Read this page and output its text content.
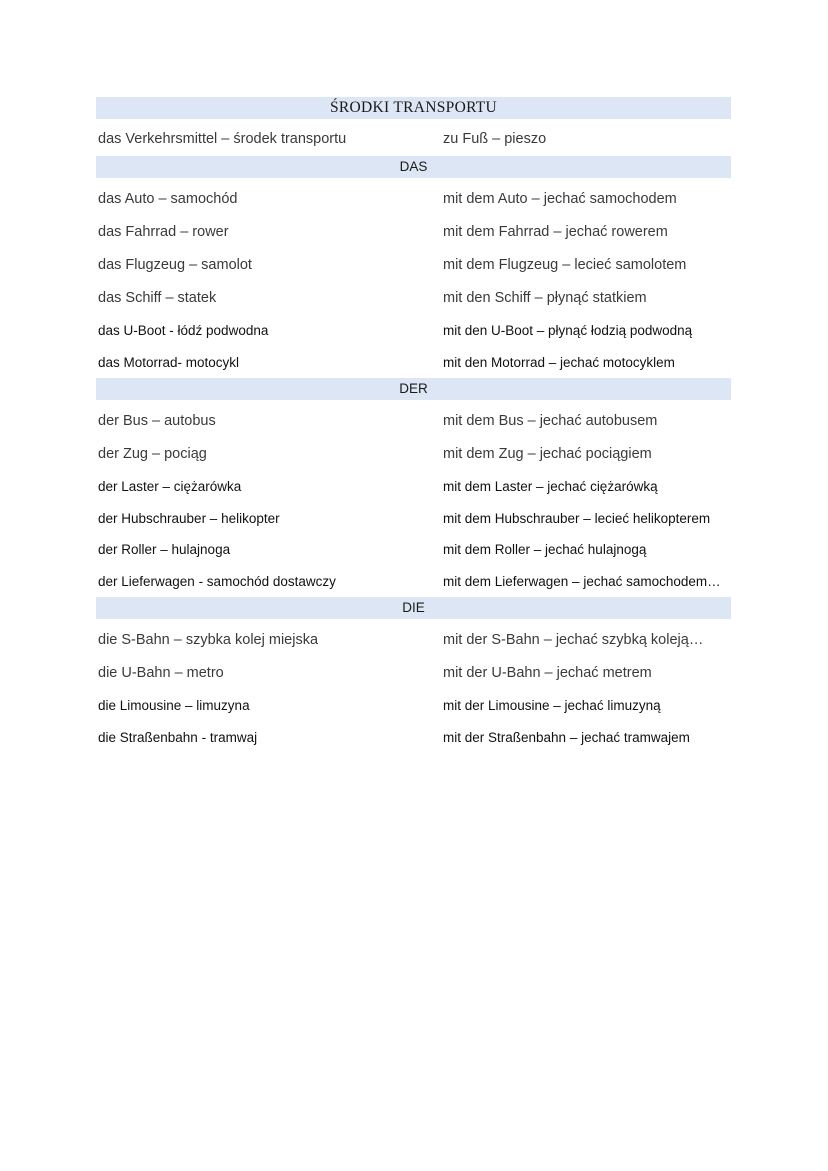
ŚRODKI TRANSPORTU
das Verkehrsmittel – środek transportu	zu Fuß – pieszo
DAS
das Auto – samochód	mit dem Auto – jechać samochodem
das Fahrrad – rower	mit dem Fahrrad – jechać rowerem
das Flugzeug – samolot	mit dem Flugzeug – lecieć samolotem
das Schiff – statek	mit den Schiff – płynąć statkiem
das U-Boot - łódź podwodna	mit den U-Boot – płynąć łodzią podwodną
das Motorrad- motocykl	mit den Motorrad – jechać motocyklem
DER
der Bus – autobus	mit dem Bus – jechać autobusem
der Zug – pociąg	mit dem Zug – jechać pociągiem
der Laster – ciężarówka	mit dem Laster – jechać ciężarówką
der Hubschrauber – helikopter	mit dem Hubschrauber – lecieć helikopterem
der Roller – hulajnoga	mit dem Roller – jechać hulajnogą
der Lieferwagen - samochód dostawczy	mit dem Lieferwagen – jechać samochodem…
DIE
die S-Bahn – szybka kolej miejska	mit der S-Bahn – jechać szybką koleją…
die U-Bahn – metro	mit der U-Bahn – jechać metrem
die Limousine – limuzyna	mit der Limousine – jechać limuzyną
die Straßenbahn - tramwaj	mit der Straßenbahn – jechać tramwajem
